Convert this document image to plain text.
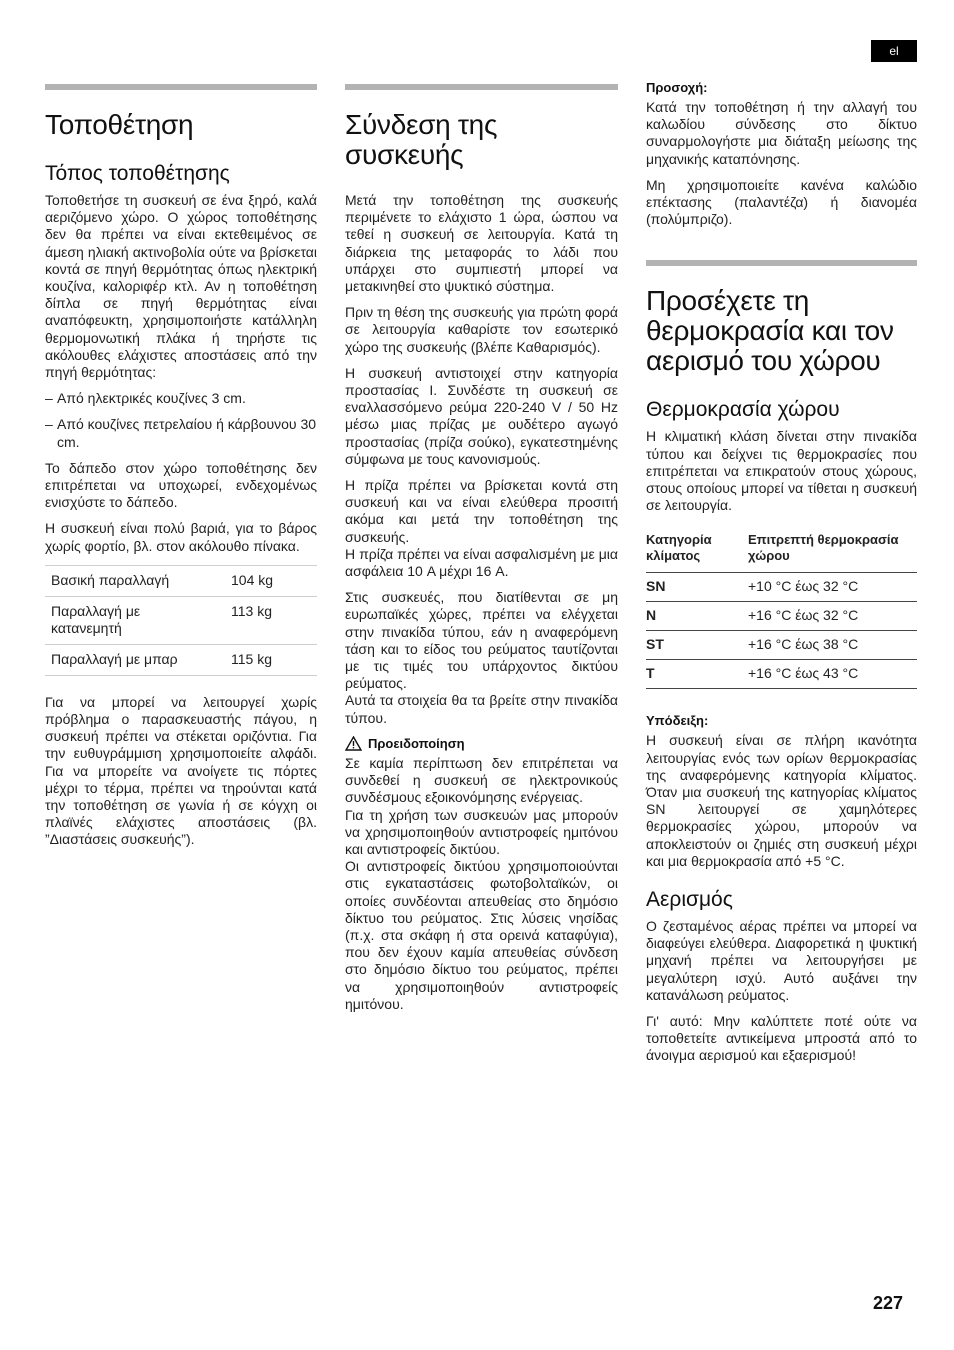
el
Τοποθέτηση
Τόπος τοποθέτησης

Τοποθετήσε τη συσκευή σε ένα ξηρό, καλά αεριζόμενο χώρο. Ο χώρος τοποθέτησης δεν θα πρέπει να είναι εκτεθειμένος σε άμεση ηλιακή ακτινοβολία ούτε να βρίσκεται κοντά σε πηγή θερμότητας όπως ηλεκτρική κουζίνα, καλοριφέρ κτλ. Αν η τοποθέτηση δίπλα σε πηγή θερμότητας είναι αναπόφευκτη, χρησιμοποιήστε κατάλληλη θερμομονωτική πλάκα ή τηρήστε τις ακόλουθες ελάχιστες αποστάσεις από την πηγή θερμότητας:

– Από ηλεκτρικές κουζίνες 3 cm.
– Από κουζίνες πετρελαίου ή κάρβουνου 30 cm.

Το δάπεδο στον χώρο τοποθέτησης δεν επιτρέπεται να υποχωρεί, ενδεχομένως ενισχύστε το δάπεδο.

Η συσκευή είναι πολύ βαριά, για το βάρος χωρίς φορτίο, βλ. στον ακόλουθο πίνακα.

Βασική παραλλαγή	104 kg
Παραλλαγή με κατανεμητή	113 kg
Παραλλαγή με μπαρ	115 kg

Για να μπορεί να λειτουργεί χωρίς πρόβλημα ο παρασκευαστής πάγου, η συσκευή πρέπει να στέκεται οριζόντια. Για την ευθυγράμμιση χρησιμοποιείτε αλφάδι. Για να μπορείτε να ανοίγετε τις πόρτες μέχρι το τέρμα, πρέπει να τηρούνται κατά την τοποθέτηση σε γωνία ή σε κόγχη οι πλαϊνές ελάχιστες αποστάσεις (βλ. ”Διαστάσεις συσκευής”).

Σύνδεση της συσκευής

Μετά την τοποθέτηση της συσκευής περιμένετε το ελάχιστο 1 ώρα, ώσπου να τεθεί η συσκευή σε λειτουργία. Κατά τη διάρκεια της μεταφοράς το λάδι που υπάρχει στο συμπιεστή μπορεί να μετακινηθεί στο ψυκτικό σύστημα.

Πριν τη θέση της συσκευής για πρώτη φορά σε λειτουργία καθαρίστε τον εσωτερικό χώρο της συσκευής (βλέπε Καθαρισμός).

Η συσκευή αντιστοιχεί στην κατηγορία προστασίας I. Συνδέστε τη συσκευή σε εναλλασσόμενο ρεύμα 220-240 V / 50 Hz μέσω μιας πρίζας με ουδέτερο αγωγό προστασίας (πρίζα σούκο), εγκατεστημένης σύμφωνα με τους κανονισμούς.

Η πρίζα πρέπει να βρίσκεται κοντά στη συσκευή και να είναι ελεύθερα προσιτή ακόμα και μετά την τοποθέτηση της συσκευής.

Η πρίζα πρέπει να είναι ασφαλισμένη με μια ασφάλεια 10 A μέχρι 16 A.

Στις συσκευές, που διατίθενται σε μη ευρωπαϊκές χώρες, πρέπει να ελέγχεται στην πινακίδα τύπου, εάν η αναφερόμενη τάση και το είδος του ρεύματος ταυτίζονται με τις τιμές του υπάρχοντος δικτύου ρεύματος.

Αυτά τα στοιχεία θα τα βρείτε στην πινακίδα τύπου.

Προειδοποίηση

Σε καμία περίπτωση δεν επιτρέπεται να συνδεθεί η συσκευή σε ηλεκτρονικούς συνδέσμους εξοικονόμησης ενέργειας.

Για τη χρήση των συσκευών μας μπορούν να χρησιμοποιηθούν αντιστροφείς ημιτόνου και αντιστροφείς δικτύου.

Οι αντιστροφείς δικτύου χρησιμοποιούνται στις εγκαταστάσεις φωτοβολταϊκών, οι οποίες συνδέονται απευθείας στο δημόσιο δίκτυο του ρεύματος. Στις λύσεις νησίδας (π.χ. στα σκάφη ή στα ορεινά καταφύγια), που δεν έχουν καμία απευθείας σύνδεση στο δημόσιο δίκτυο του ρεύματος, πρέπει να χρησιμοποιηθούν αντιστροφείς ημιτόνου.

Προσοχή:

Κατά την τοποθέτηση ή την αλλαγή του καλωδίου σύνδεσης στο δίκτυο συναρμολογήστε μια διάταξη μείωσης της μηχανικής καταπόνησης.

Μη χρησιμοποιείτε κανένα καλώδιο επέκτασης (παλαντέζα) ή διανομέα (πολύμπριζο).

Προσέχετε τη θερμοκρασία και τον αερισμό του χώρου
Θερμοκρασία χώρου

Η κλιματική κλάση δίνεται στην πινακίδα τύπου και δείχνει τις θερμοκρασίες που επιτρέπεται να επικρατούν στους χώρους, στους οποίους μπορεί να τίθεται η συσκευή σε λειτουργία.

Κατηγορία κλίματος	Επιτρεπτή θερμοκρασία χώρου
SN	+10 °C έως 32 °C
N	+16 °C έως 32 °C
ST	+16 °C έως 38 °C
T	+16 °C έως 43 °C
Υπόδειξη:

Η συσκευή είναι σε πλήρη ικανότητα λειτουργίας ενός των ορίων θερμοκρασίας της αναφερόμενης κατηγορία κλίματος. Όταν μια συσκευή της κατηγορίας κλίματος SN λειτουργεί σε χαμηλότερες θερμοκρασίες χώρου, μπορούν να αποκλειστούν οι ζημιές στη συσκευή μέχρι και μια θερμοκρασία από +5 °C.

Αερισμός

Ο ζεσταμένος αέρας πρέπει να μπορεί να διαφεύγει ελεύθερα. Διαφορετικά η ψυκτική μηχανή πρέπει να λειτουργήσει με μεγαλύτερη ισχύ. Αυτό αυξάνει την κατανάλωση ρεύματος.

Γι' αυτό: Μην καλύπτετε ποτέ ούτε να τοποθετείτε αντικείμενα μπροστά από το άνοιγμα αερισμού και εξαερισμού!

227
